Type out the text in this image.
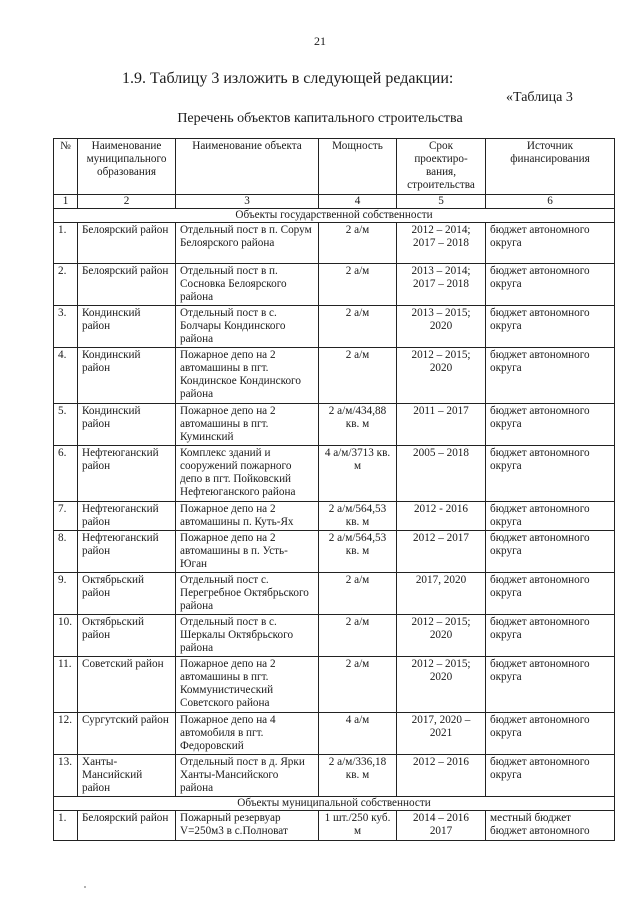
21
1.9. Таблицу 3 изложить в следующей редакции:
«Таблица 3
Перечень объектов капитального строительства
№	Наименование муниципального образования	Наименование объекта	Мощность	Срок проектиро-вания, строительства	Источник финансирования
1	2	3	4	5	6
Объекты государственной собственности					
1.	Белоярский район	Отдельный пост в п. Сорум Белоярского района	2 а/м	2012 – 2014; 2017 – 2018	бюджет автономного округа
2.	Белоярский район	Отдельный пост в п. Сосновка Белоярского района	2 а/м	2013 – 2014; 2017 – 2018	бюджет автономного округа
3.	Кондинский район	Отдельный пост в с. Болчары Кондинского района	2 а/м	2013 – 2015; 2020	бюджет автономного округа
4.	Кондинский район	Пожарное депо на 2 автомашины в пгт. Кондинское Кондинского района	2 а/м	2012 – 2015; 2020	бюджет автономного округа
5.	Кондинский район	Пожарное депо на 2 автомашины в пгт. Куминский	2 а/м/434,88 кв. м	2011 – 2017	бюджет автономного округа
6.	Нефтеюганский район	Комплекс зданий и сооружений пожарного депо в пгт. Пойковский Нефтеюганского района	4 а/м/3713 кв. м	2005 – 2018	бюджет автономного округа
7.	Нефтеюганский район	Пожарное депо на 2 автомашины п. Куть-Ях	2 а/м/564,53 кв. м	2012 - 2016	бюджет автономного округа
8.	Нефтеюганский район	Пожарное депо на 2 автомашины в п. Усть-Юган	2 а/м/564,53 кв. м	2012 – 2017	бюджет автономного округа
9.	Октябрьский район	Отдельный пост с. Перегребное Октябрьского района	2 а/м	2017, 2020	бюджет автономного округа
10.	Октябрьский район	Отдельный пост в с. Шеркалы Октябрьского района	2 а/м	2012 – 2015; 2020	бюджет автономного округа
11.	Советский район	Пожарное депо на 2 автомашины в пгт. Коммунистический Советского района	2 а/м	2012 – 2015; 2020	бюджет автономного округа
12.	Сургутский район	Пожарное депо на 4 автомобиля в пгт. Федоровский	4 а/м	2017, 2020 – 2021	бюджет автономного округа
13.	Ханты-Мансийский район	Отдельный пост в д. Ярки Ханты-Мансийского района	2 а/м/336,18 кв. м	2012 – 2016	бюджет автономного округа
Объекты муниципальной собственности					
1.	Белоярский район	Пожарный резервуар V=250м3 в с.Полноват	1 шт./250 куб. м	2014 – 2016 2017	местный бюджет бюджет автономного
